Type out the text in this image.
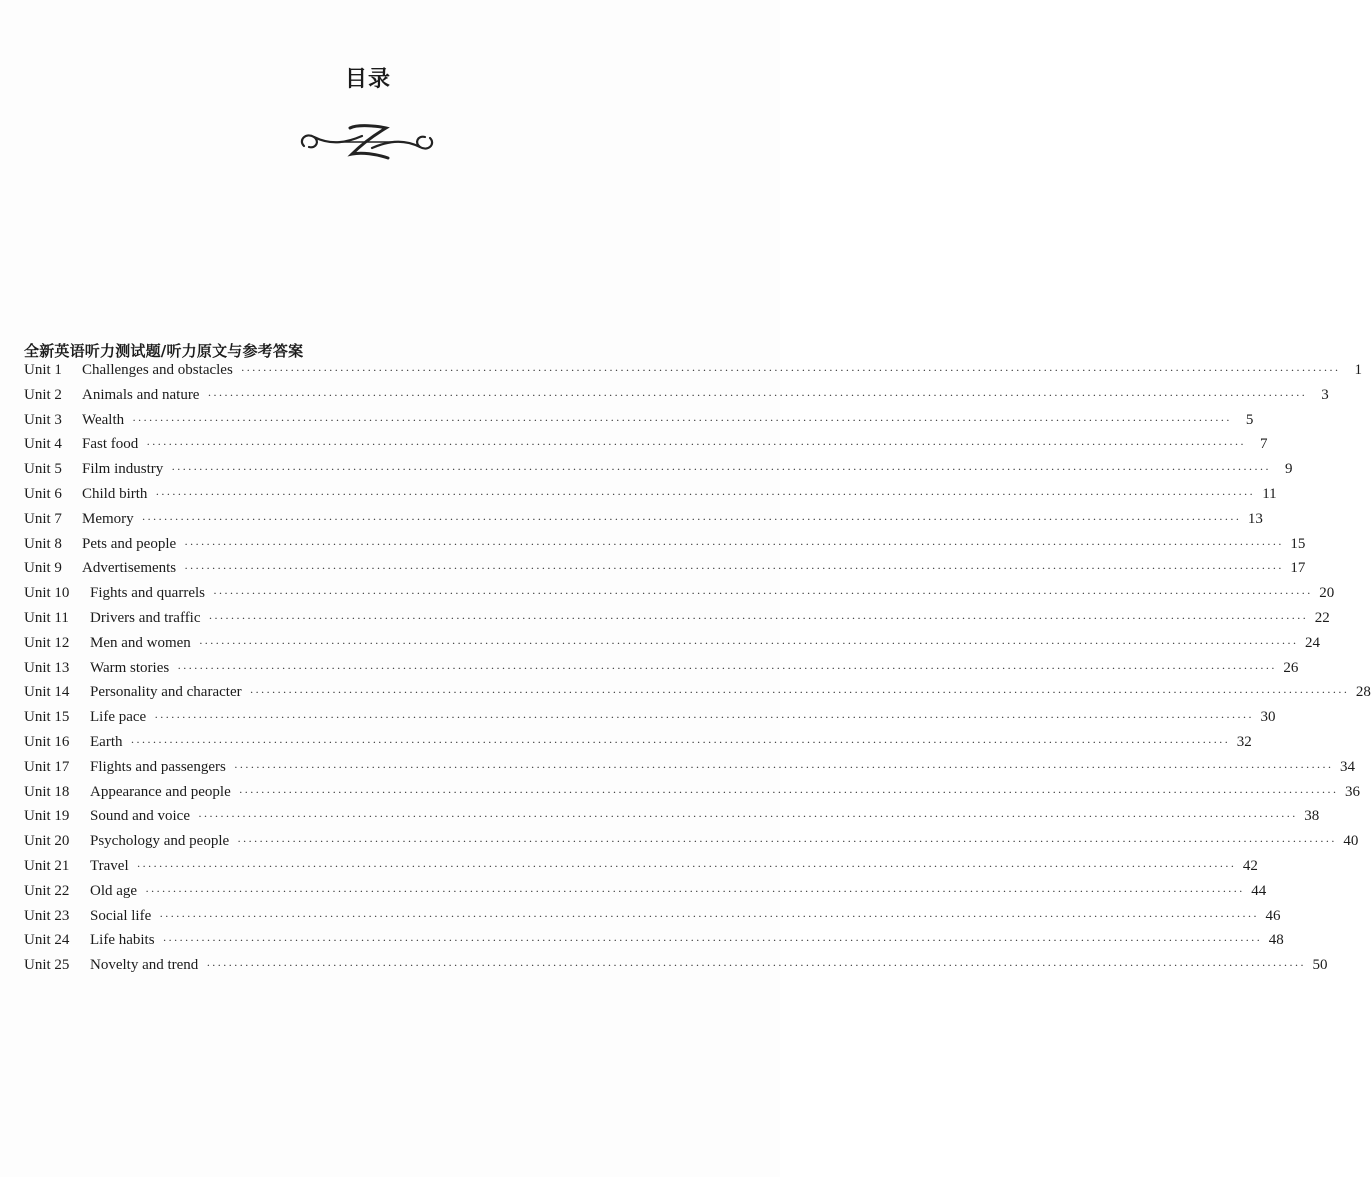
目录
全新英语听力测试题/听力原文与参考答案
Unit 1	Challenges and obstacles ········································································································································································································ 1
Unit 2	Animals and nature ········································································································································································································ 3
Unit 3	Wealth ········································································································································································································ 5
Unit 4	Fast food ········································································································································································································ 7
Unit 5	Film industry ········································································································································································································ 9
Unit 6	Child birth ········································································································································································································ 11
Unit 7	Memory ········································································································································································································ 13
Unit 8	Pets and people ········································································································································································································ 15
Unit 9	Advertisements ········································································································································································································ 17
Unit 10	Fights and quarrels ········································································································································································································ 20
Unit 11	Drivers and traffic ········································································································································································································ 22
Unit 12	Men and women ········································································································································································································ 24
Unit 13	Warm stories ········································································································································································································ 26
Unit 14	Personality and character ········································································································································································································ 28
Unit 15	Life pace ········································································································································································································ 30
Unit 16	Earth ········································································································································································································ 32
Unit 17	Flights and passengers ········································································································································································································ 34
Unit 18	Appearance and people ········································································································································································································ 36
Unit 19	Sound and voice ········································································································································································································ 38
Unit 20	Psychology and people ········································································································································································································ 40
Unit 21	Travel ········································································································································································································ 42
Unit 22	Old age ········································································································································································································ 44
Unit 23	Social life ········································································································································································································ 46
Unit 24	Life habits ········································································································································································································ 48
Unit 25	Novelty and trend ········································································································································································································ 50
